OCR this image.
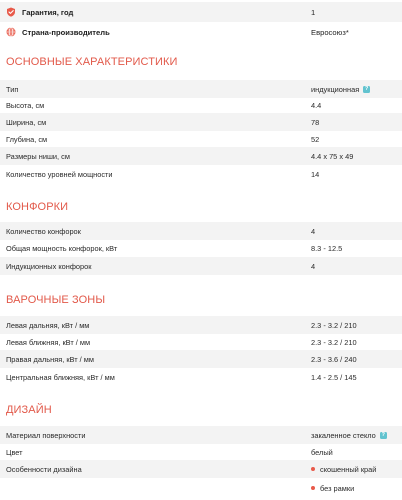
Гарантия, год	1
Страна-производитель	Евросоюз*
ОСНОВНЫЕ ХАРАКТЕРИСТИКИ
Тип	индукционная	?
Высота, см	4.4
Ширина, см	78
Глубина, см	52
Размеры ниши, см	4.4 x 75 x 49
Количество уровней мощности	14
КОНФОРКИ
Количество конфорок	4
Общая мощность конфорок, кВт	8.3 - 12.5
Индукционных конфорок	4
ВАРОЧНЫЕ ЗОНЫ
Левая дальняя, кВт / мм	2.3 - 3.2 / 210
Левая ближняя, кВт / мм	2.3 - 3.2 / 210
Правая дальняя, кВт / мм	2.3 - 3.6 / 240
Центральная ближняя, кВт / мм	1.4 - 2.5 / 145
ДИЗАЙН
Материал поверхности	закаленное стекло	?
Цвет	белый
Особенности дизайна	скошенный край
без рамки
